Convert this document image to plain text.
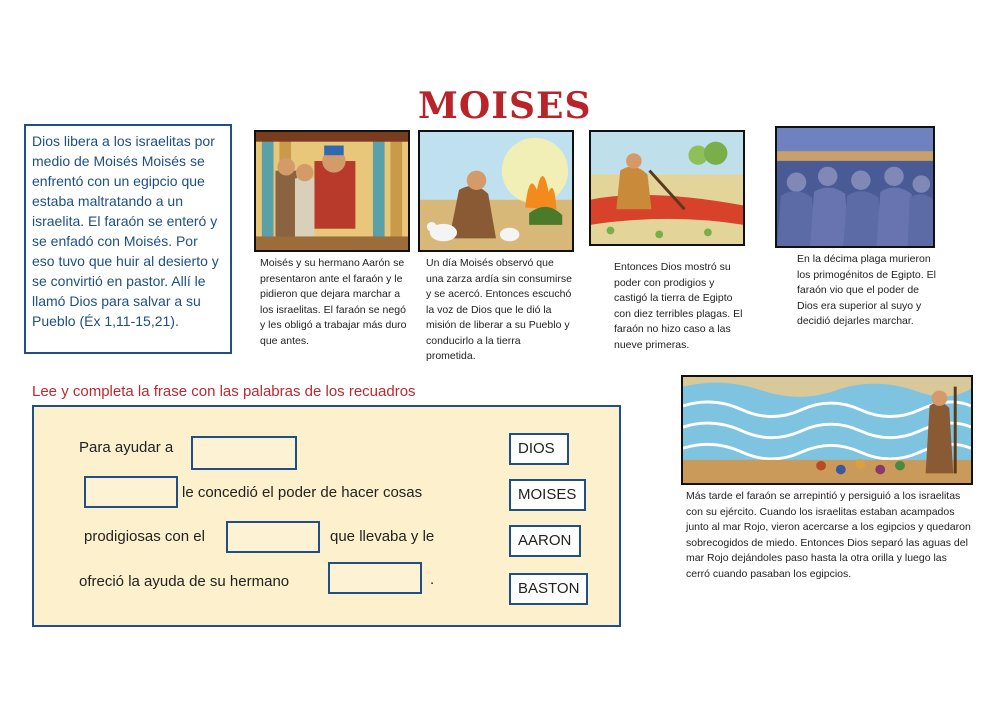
MOISES
Dios libera a los israelitas por medio de Moisés Moisés se enfrentó con un egipcio que estaba maltratando a un israelita. El faraón se enteró y se enfadó con Moisés. Por eso tuvo que huir al desierto y se convirtió en pastor. Allí le llamó Dios para salvar a su Pueblo (Éx 1,11-15,21).
Moisés y su hermano Aarón se presentaron ante el faraón y le pidieron que dejara marchar a los israelitas. El faraón se negó y les obligó a trabajar más duro que antes.
Un día Moisés observó que una zarza ardía sin consumirse y se acercó. Entonces escuchó la voz de Dios que le dió la misión de liberar a su Pueblo y conducirlo a la tierra prometida.
Entonces Dios mostró su poder con prodigios y castigó la tierra de Egipto con diez terribles plagas. El faraón no hizo caso a las nueve primeras.
En la décima plaga murieron los primogénitos de Egipto. El faraón vio que el poder de Dios era superior al suyo y decidió dejarles marchar.
Más tarde el faraón se arrepintió y persiguió a los israelitas con su ejército. Cuando los israelitas estaban acampados junto al mar Rojo, vieron acercarse a los egipcios y quedaron sobrecogidos de miedo. Entonces Dios separó las aguas del mar Rojo dejándoles paso hasta la otra orilla y luego las cerró cuando pasaban los egipcios.
Lee y completa la frase con las palabras de los recuadros
Para ayudar a
le concedió el poder de hacer cosas
prodigiosas con el	que llevaba y le
ofreció la ayuda de su hermano	.
DIOS
MOISES
AARON
BASTON
